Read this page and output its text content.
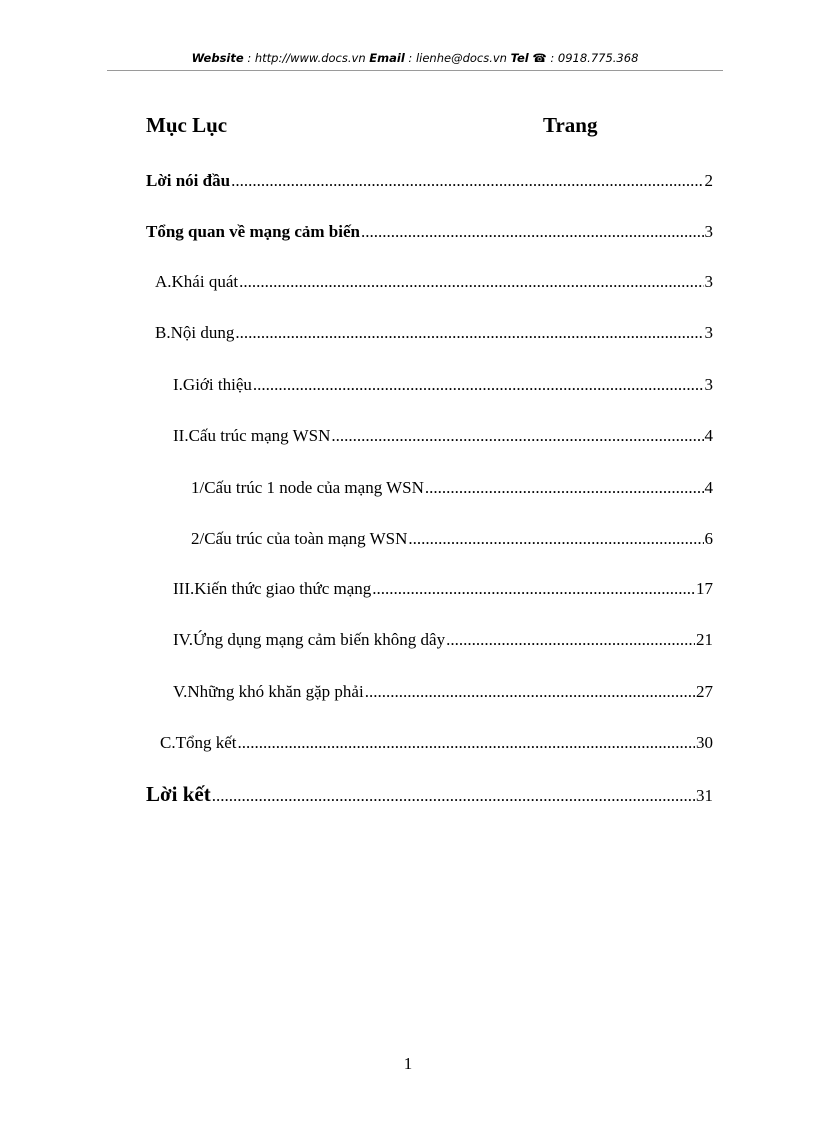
Website : http://www.docs.vn Email : lienhe@docs.vn Tel ☎ : 0918.775.368
Mục Lục	Trang
Lời nói đầu .....	2
Tổng quan về mạng cảm biến .....	3
A.Khái quát .....	3
B.Nội dung .....	3
I.Giới thiệu .....	3
II.Cấu trúc mạng WSN .....	4
1/Cấu trúc 1 node của mạng WSN .....	4
2/Cấu trúc của toàn mạng WSN .....	6
III.Kiến thức giao thức mạng .....	17
IV.Ứng dụng mạng cảm biến không dây .....	21
V.Những khó khăn gặp phải .....	27
C.Tổng kết .....	30
Lời kết .....	31
1
